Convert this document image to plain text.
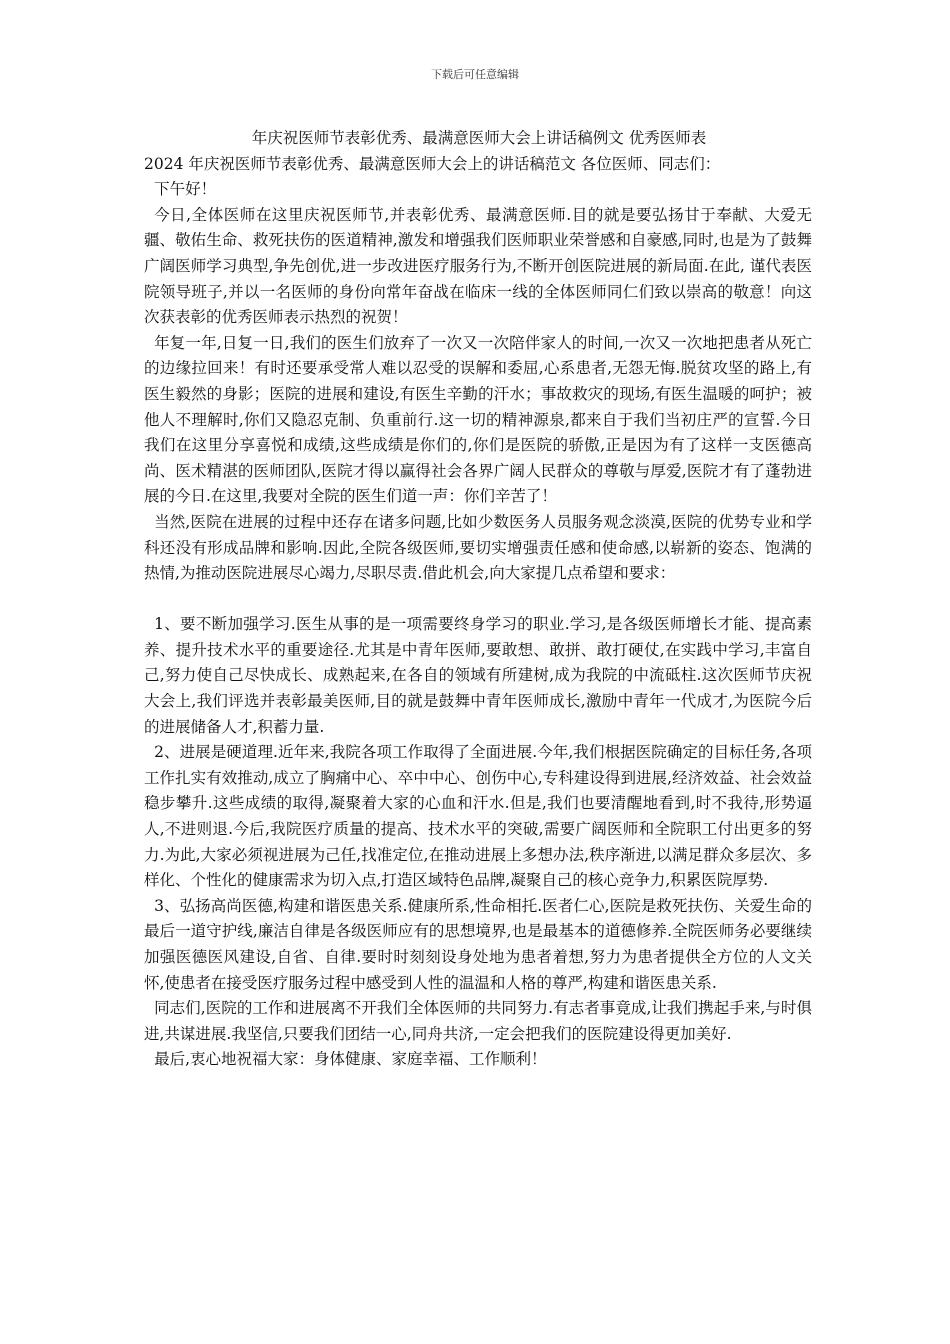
下载后可任意编辑
年庆祝医师节表彰优秀、最满意医师大会上讲话稿例文 优秀医师表
2024 年庆祝医师节表彰优秀、最满意医师大会上的讲话稿范文 各位医师、同志们：

下午好！

今日,全体医师在这里庆祝医师节,并表彰优秀、最满意医师.目的就是要弘扬甘于奉献、大爱无疆、敬佑生命、救死扶伤的医道精神,激发和增强我们医师职业荣誉感和自豪感,同时,也是为了鼓舞广阔医师学习典型,争先创优,进一步改进医疗服务行为,不断开创医院进展的新局面.在此, 谨代表医院领导班子,并以一名医师的身份向常年奋战在临床一线的全体医师同仁们致以崇高的敬意！向这次获表彰的优秀医师表示热烈的祝贺！

年复一年,日复一日,我们的医生们放弃了一次又一次陪伴家人的时间,一次又一次地把患者从死亡的边缘拉回来！有时还要承受常人难以忍受的误解和委屈,心系患者,无怨无悔.脱贫攻坚的路上,有医生毅然的身影；医院的进展和建设,有医生辛勤的汗水；事故救灾的现场,有医生温暖的呵护；被他人不理解时,你们又隐忍克制、负重前行.这一切的精神源泉,都来自于我们当初庄严的宣誓.今日我们在这里分享喜悦和成绩,这些成绩是你们的,你们是医院的骄傲,正是因为有了这样一支医德高尚、医术精湛的医师团队,医院才得以赢得社会各界广阔人民群众的尊敬与厚爱,医院才有了蓬勃进展的今日.在这里,我要对全院的医生们道一声：你们辛苦了！

当然,医院在进展的过程中还存在诸多问题,比如少数医务人员服务观念淡漠,医院的优势专业和学科还没有形成品牌和影响.因此,全院各级医师,要切实增强责任感和使命感,以崭新的姿态、饱满的热情,为推动医院进展尽心竭力,尽职尽责.借此机会,向大家提几点希望和要求：

1、要不断加强学习.医生从事的是一项需要终身学习的职业.学习,是各级医师增长才能、提高素养、提升技术水平的重要途径.尤其是中青年医师,要敢想、敢拼、敢打硬仗,在实践中学习,丰富自己,努力使自己尽快成长、成熟起来,在各自的领域有所建树,成为我院的中流砥柱.这次医师节庆祝大会上,我们评选并表彰最美医师,目的就是鼓舞中青年医师成长,激励中青年一代成才,为医院今后的进展储备人才,积蓄力量.

2、进展是硬道理.近年来,我院各项工作取得了全面进展.今年,我们根据医院确定的目标任务,各项工作扎实有效推动,成立了胸痛中心、卒中中心、创伤中心,专科建设得到进展,经济效益、社会效益稳步攀升.这些成绩的取得,凝聚着大家的心血和汗水.但是,我们也要清醒地看到,时不我待,形势逼人,不进则退.今后,我院医疗质量的提高、技术水平的突破,需要广阔医师和全院职工付出更多的努力.为此,大家必须视进展为己任,找准定位,在推动进展上多想办法,秩序渐进,以满足群众多层次、多样化、个性化的健康需求为切入点,打造区域特色品牌,凝聚自己的核心竞争力,积累医院厚势.

3、弘扬高尚医德,构建和谐医患关系.健康所系,性命相托.医者仁心,医院是救死扶伤、关爱生命的最后一道守护线,廉洁自律是各级医师应有的思想境界,也是最基本的道德修养.全院医师务必要继续加强医德医风建设,自省、自律.要时时刻刻设身处地为患者着想,努力为患者提供全方位的人文关怀,使患者在接受医疗服务过程中感受到人性的温温和人格的尊严,构建和谐医患关系.

同志们,医院的工作和进展离不开我们全体医师的共同努力.有志者事竟成,让我们携起手来,与时俱进,共谋进展.我坚信,只要我们团结一心,同舟共济,一定会把我们的医院建设得更加美好.

最后,衷心地祝福大家：身体健康、家庭幸福、工作顺利！
